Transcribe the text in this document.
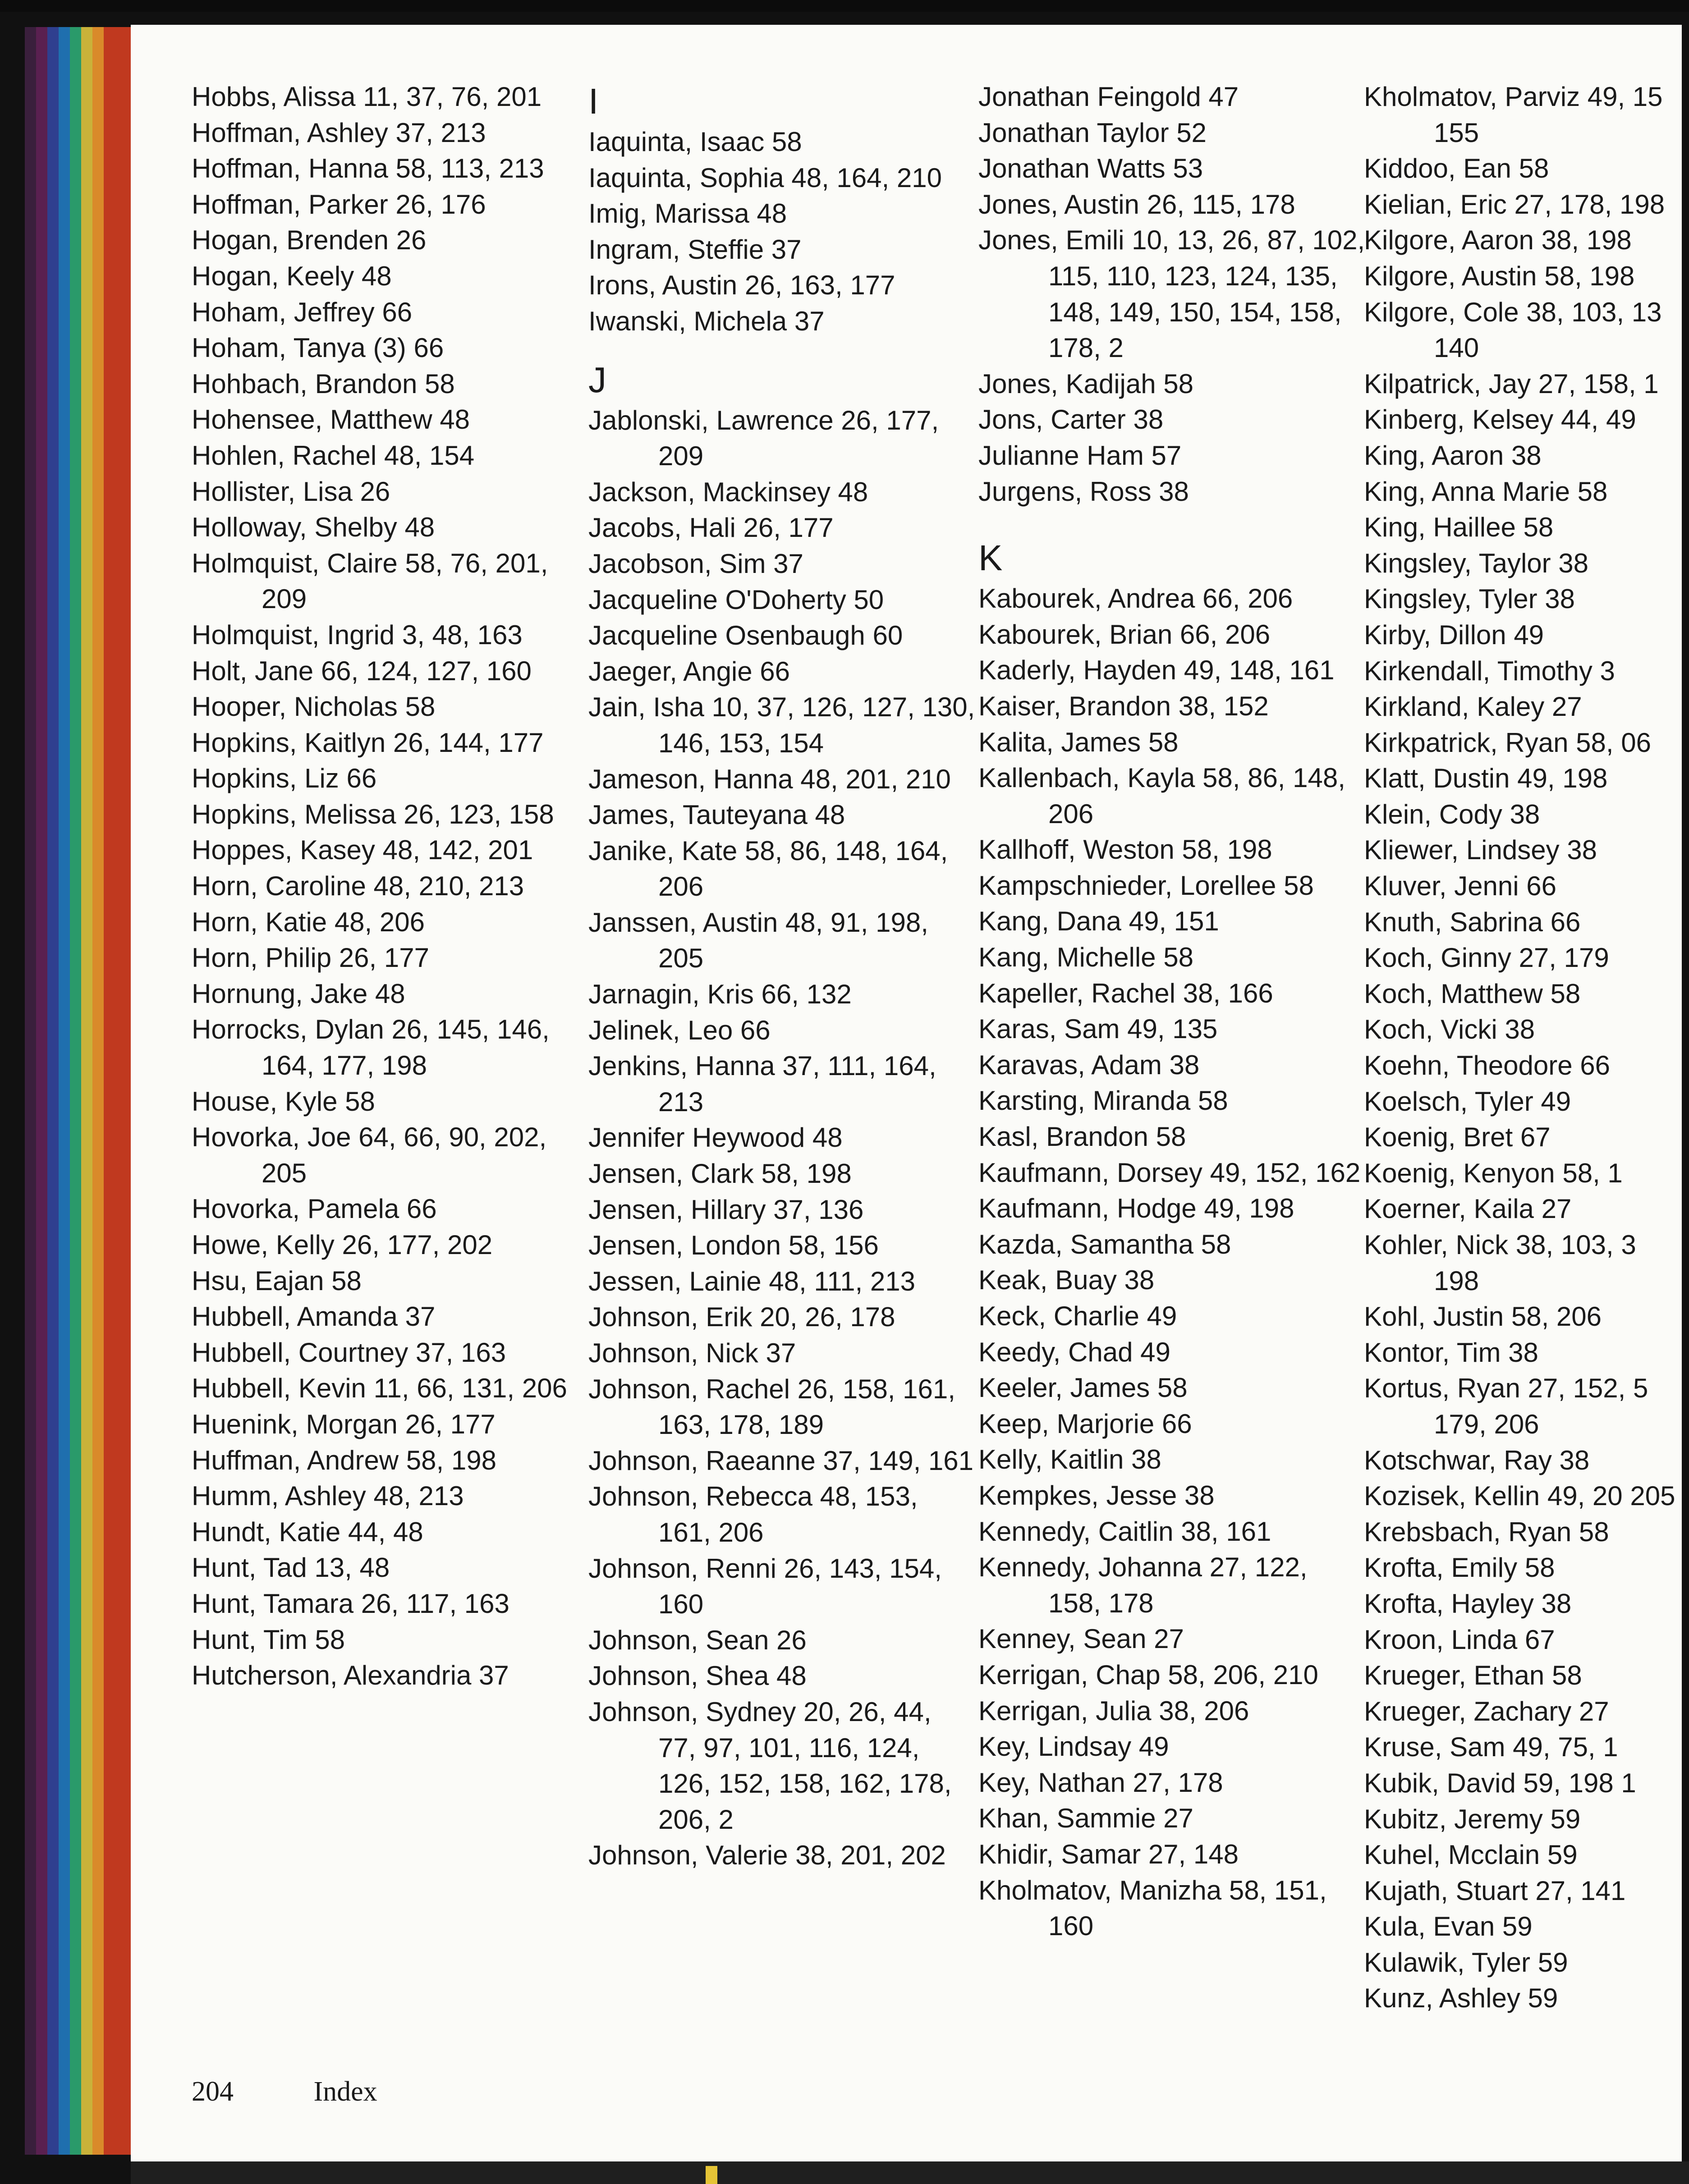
Hobbs, Alissa 11, 37, 76, 201
Hoffman, Ashley 37, 213
Hoffman, Hanna 58, 113, 213
Hoffman, Parker 26, 176
Hogan, Brenden 26
Hogan, Keely 48
Hoham, Jeffrey 66
Hoham, Tanya (3) 66
Hohbach, Brandon 58
Hohensee, Matthew 48
Hohlen, Rachel 48, 154
Hollister, Lisa 26
Holloway, Shelby 48
Holmquist, Claire 58, 76, 201, 209
Holmquist, Ingrid 3, 48, 163
Holt, Jane 66, 124, 127, 160
Hooper, Nicholas 58
Hopkins, Kaitlyn 26, 144, 177
Hopkins, Liz 66
Hopkins, Melissa 26, 123, 158
Hoppes, Kasey 48, 142, 201
Horn, Caroline 48, 210, 213
Horn, Katie 48, 206
Horn, Philip 26, 177
Hornung, Jake 48
Horrocks, Dylan 26, 145, 146, 164, 177, 198
House, Kyle 58
Hovorka, Joe 64, 66, 90, 202, 205
Hovorka, Pamela 66
Howe, Kelly 26, 177, 202
Hsu, Eajan 58
Hubbell, Amanda 37
Hubbell, Courtney 37, 163
Hubbell, Kevin 11, 66, 131, 206
Huenink, Morgan 26, 177
Huffman, Andrew 58, 198
Humm, Ashley 48, 213
Hundt, Katie 44, 48
Hunt, Tad 13, 48
Hunt, Tamara 26, 117, 163
Hunt, Tim 58
Hutcherson, Alexandria 37
I
Iaquinta, Isaac 58
Iaquinta, Sophia 48, 164, 210
Imig, Marissa 48
Ingram, Steffie 37
Irons, Austin 26, 163, 177
Iwanski, Michela 37
J
Jablonski, Lawrence 26, 177, 209
Jackson, Mackinsey 48
Jacobs, Hali 26, 177
Jacobson, Sim 37
Jacqueline O'Doherty 50
Jacqueline Osenbaugh 60
Jaeger, Angie 66
Jain, Isha 10, 37, 126, 127, 130, 146, 153, 154
Jameson, Hanna 48, 201, 210
James, Tauteyana 48
Janike, Kate 58, 86, 148, 164, 206
Janssen, Austin 48, 91, 198, 205
Jarnagin, Kris 66, 132
Jelinek, Leo 66
Jenkins, Hanna 37, 111, 164, 213
Jennifer Heywood 48
Jensen, Clark 58, 198
Jensen, Hillary 37, 136
Jensen, London 58, 156
Jessen, Lainie 48, 111, 213
Johnson, Erik 20, 26, 178
Johnson, Nick 37
Johnson, Rachel 26, 158, 161, 163, 178, 189
Johnson, Raeanne 37, 149, 161
Johnson, Rebecca 48, 153, 161, 206
Johnson, Renni 26, 143, 154, 160
Johnson, Sean 26
Johnson, Shea 48
Johnson, Sydney 20, 26, 44, 77, 97, 101, 116, 124, 126, 152, 158, 162, 178, 206, 2
Johnson, Valerie 38, 201, 202
Jonathan Feingold 47
Jonathan Taylor 52
Jonathan Watts 53
Jones, Austin 26, 115, 178
Jones, Emili 10, 13, 26, 87, 102, 115, 110, 123, 124, 135, 148, 149, 150, 154, 158, 178, 2
Jones, Kadijah 58
Jons, Carter 38
Julianne Ham 57
Jurgens, Ross 38
K
Kabourek, Andrea 66, 206
Kabourek, Brian 66, 206
Kaderly, Hayden 49, 148, 161
Kaiser, Brandon 38, 152
Kalita, James 58
Kallenbach, Kayla 58, 86, 148, 206
Kallhoff, Weston 58, 198
Kampschnieder, Lorellee 58
Kang, Dana 49, 151
Kang, Michelle 58
Kapeller, Rachel 38, 166
Karas, Sam 49, 135
Karavas, Adam 38
Karsting, Miranda 58
Kasl, Brandon 58
Kaufmann, Dorsey 49, 152, 162
Kaufmann, Hodge 49, 198
Kazda, Samantha 58
Keak, Buay 38
Keck, Charlie 49
Keedy, Chad 49
Keeler, James 58
Keep, Marjorie 66
Kelly, Kaitlin 38
Kempkes, Jesse 38
Kennedy, Caitlin 38, 161
Kennedy, Johanna 27, 122, 158, 178
Kenney, Sean 27
Kerrigan, Chap 58, 206, 210
Kerrigan, Julia 38, 206
Key, Lindsay 49
Key, Nathan 27, 178
Khan, Sammie 27
Khidir, Samar 27, 148
Kholmatov, Manizha 58, 151, 160
Kholmatov, Parviz 49, 15 155
Kiddoo, Ean 58
Kielian, Eric 27, 178, 198
Kilgore, Aaron 38, 198
Kilgore, Austin 58, 198
Kilgore, Cole 38, 103, 13 140
Kilpatrick, Jay 27, 158, 1
Kinberg, Kelsey 44, 49
King, Aaron 38
King, Anna Marie 58
King, Haillee 58
Kingsley, Taylor 38
Kingsley, Tyler 38
Kirby, Dillon 49
Kirkendall, Timothy 3
Kirkland, Kaley 27
Kirkpatrick, Ryan 58, 06
Klatt, Dustin 49, 198
Klein, Cody 38
Kliewer, Lindsey 38
Kluver, Jenni 66
Knuth, Sabrina 66
Koch, Ginny 27, 179
Koch, Matthew 58
Koch, Vicki 38
Koehn, Theodore 66
Koelsch, Tyler 49
Koenig, Bret 67
Koenig, Kenyon 58, 1
Koerner, Kaila 27
Kohler, Nick 38, 103, 3 198
Kohl, Justin 58, 206
Kontor, Tim 38
Kortus, Ryan 27, 152, 5 179, 206
Kotschwar, Ray 38
Kozisek, Kellin 49, 20 205
Krebsbach, Ryan 58
Krofta, Emily 58
Krofta, Hayley 38
Kroon, Linda 67
Krueger, Ethan 58
Krueger, Zachary 27
Kruse, Sam 49, 75, 1
Kubik, David 59, 198 1
Kubitz, Jeremy 59
Kuhel, Mcclain 59
Kujath, Stuart 27, 141
Kula, Evan 59
Kulawik, Tyler 59
Kunz, Ashley 59
204	Index
